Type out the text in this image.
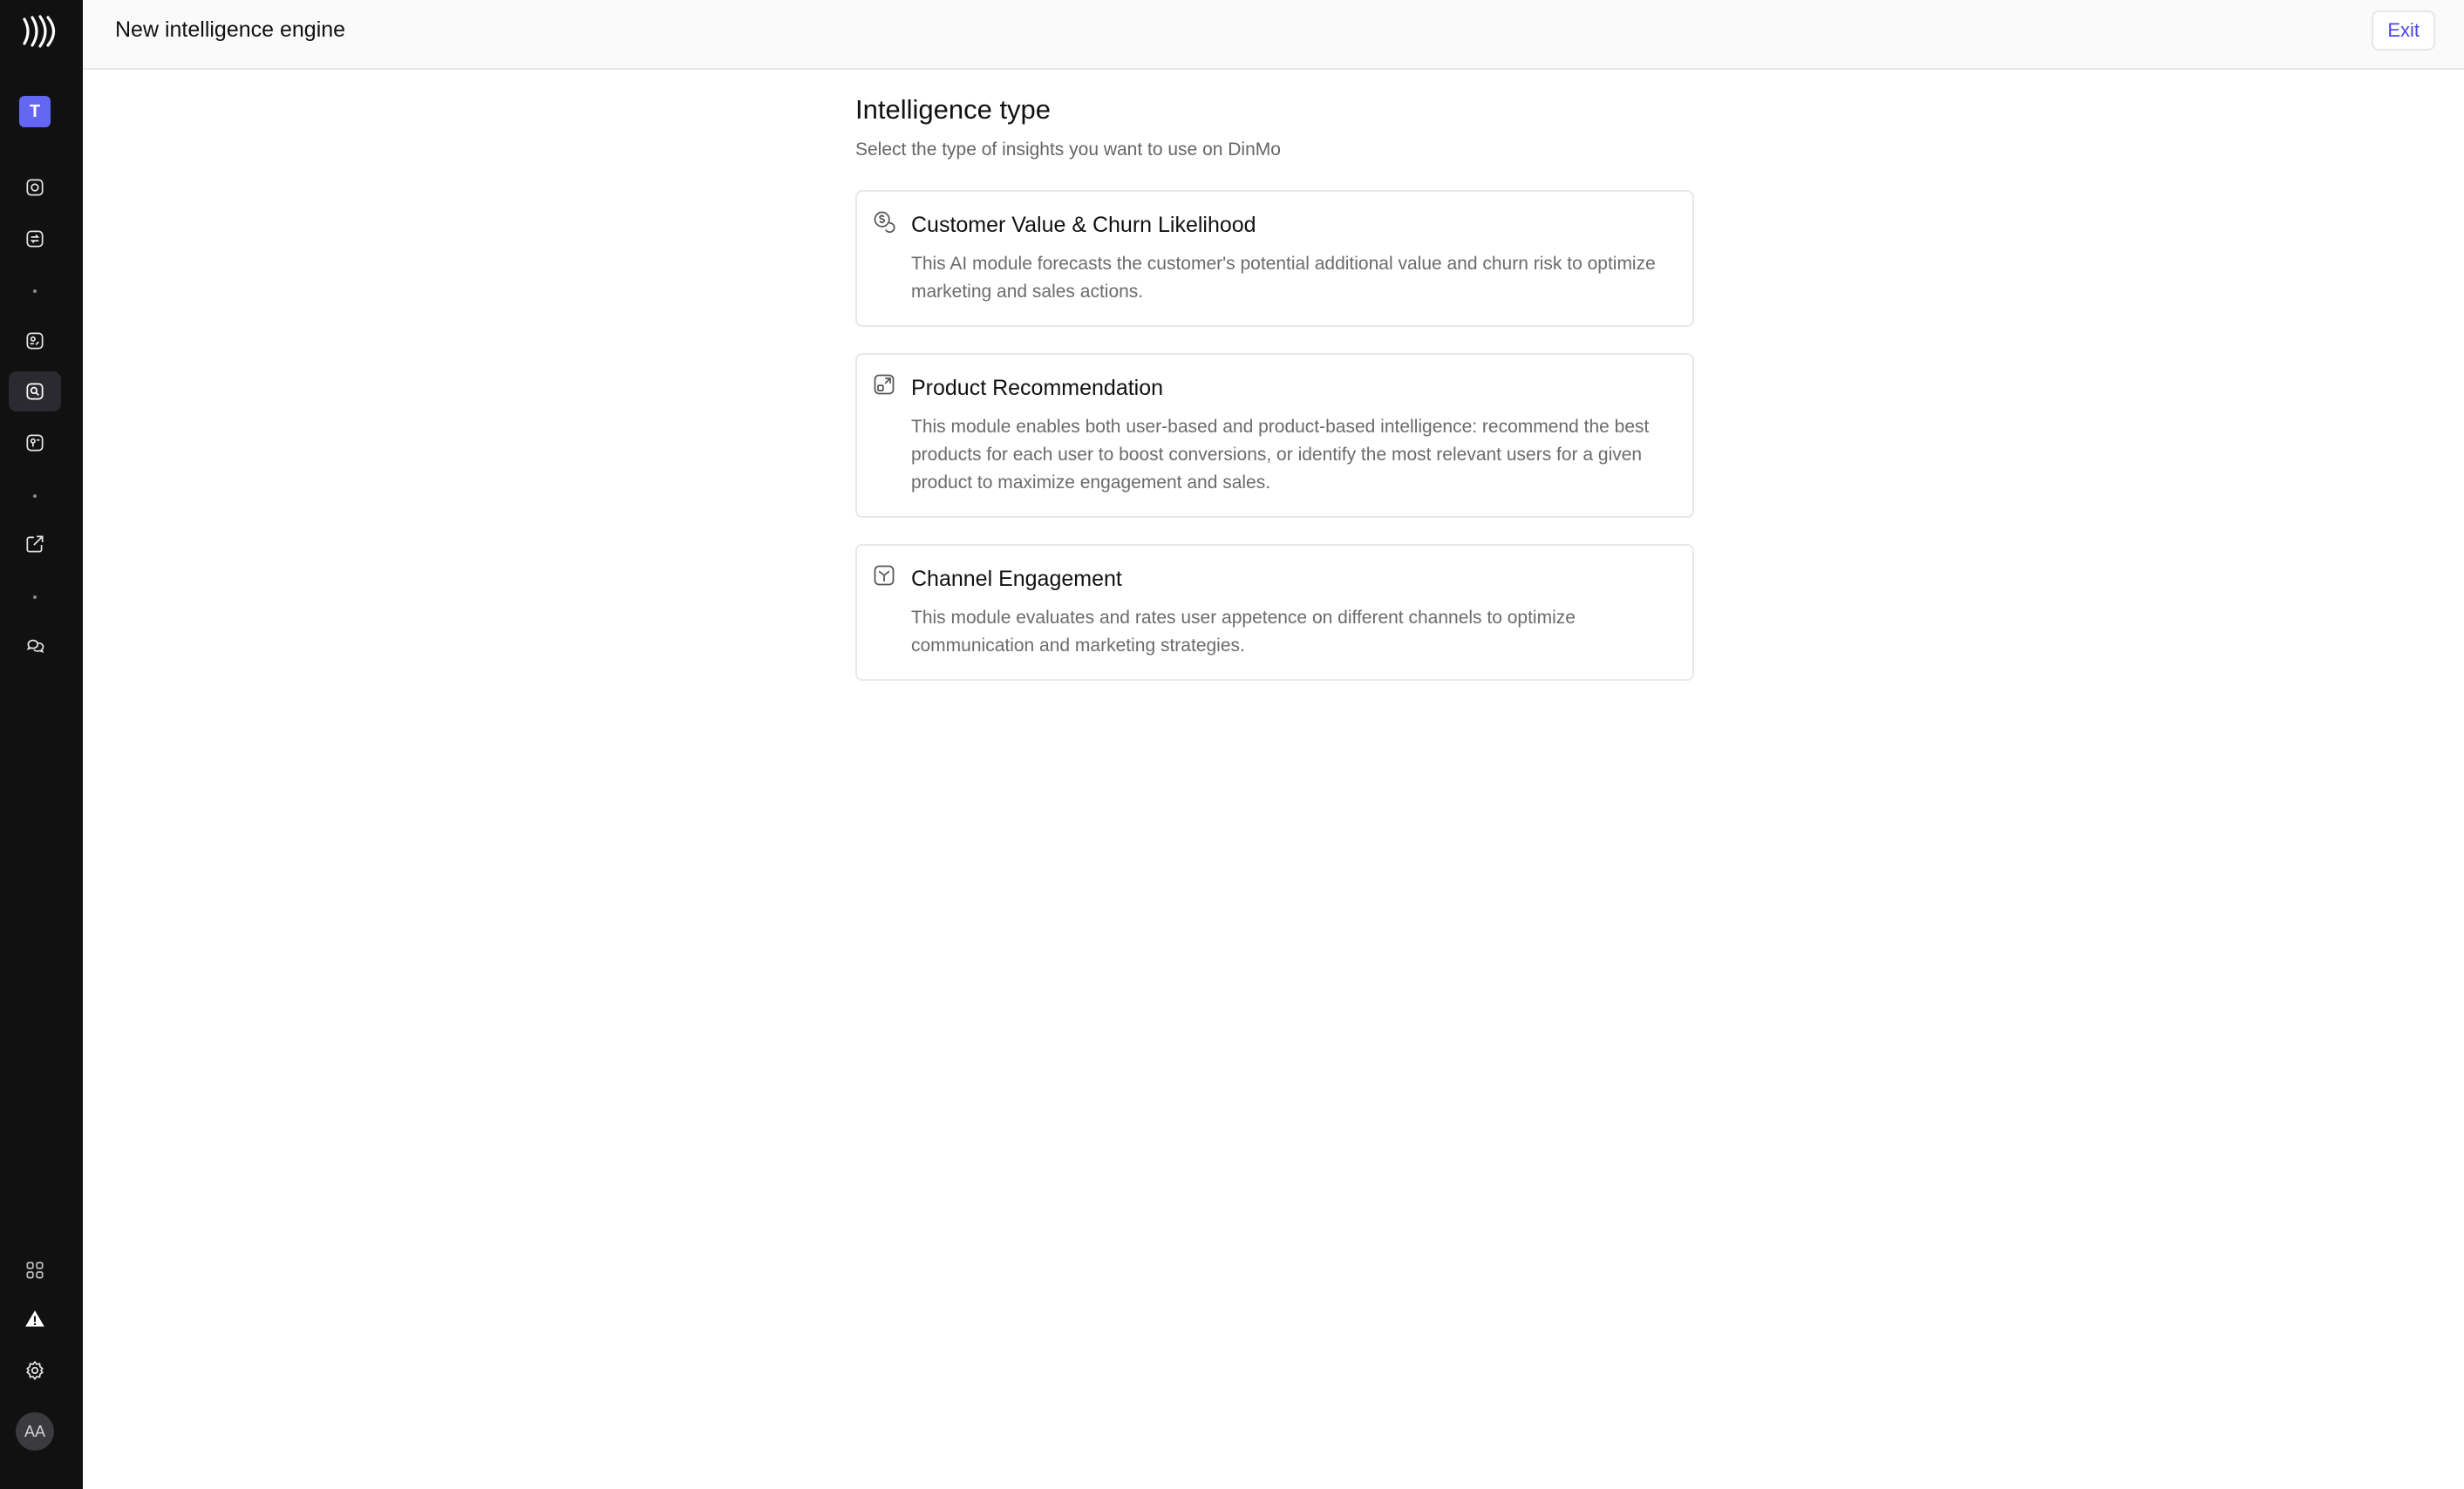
T
AA
New intelligence engine	Exit
Intelligence type

Select the type of insights you want to use on DinMo

Customer Value & Churn Likelihood
This AI module forecasts the customer's potential additional value and churn risk to optimize marketing and sales actions.
Product Recommendation
This module enables both user-based and product-based intelligence: recommend the best products for each user to boost conversions, or identify the most relevant users for a given product to maximize engagement and sales.
Channel Engagement
This module evaluates and rates user appetence on different channels to optimize communication and marketing strategies.
